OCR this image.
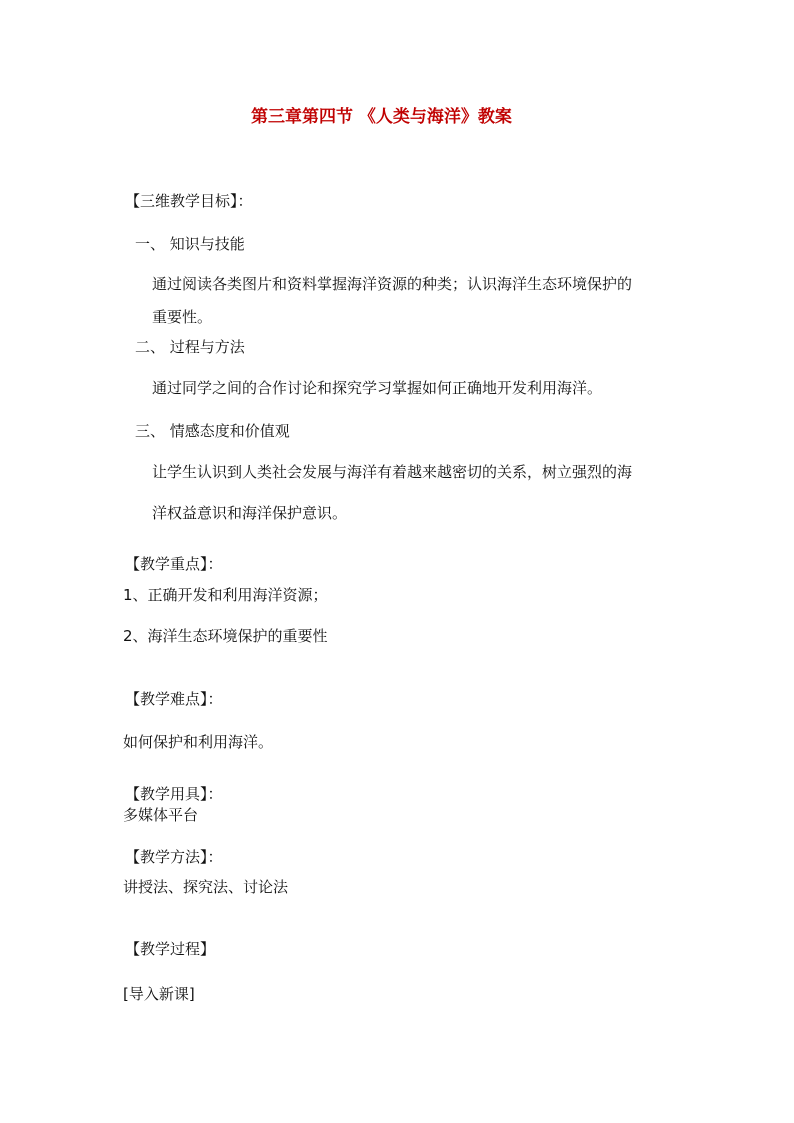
第三章第四节 《人类与海洋》教案
【三维教学目标】：
一、 知识与技能
通过阅读各类图片和资料掌握海洋资源的种类；认识海洋生态环境保护的
重要性。
二、 过程与方法
通过同学之间的合作讨论和探究学习掌握如何正确地开发利用海洋。
三、 情感态度和价值观
让学生认识到人类社会发展与海洋有着越来越密切的关系，树立强烈的海
洋权益意识和海洋保护意识。
【教学重点】：
1、正确开发和利用海洋资源；
2、海洋生态环境保护的重要性
【教学难点】：
如何保护和利用海洋。
【教学用具】：
多媒体平台
【教学方法】：
讲授法、探究法、讨论法
【教学过程】
[导入新课]
